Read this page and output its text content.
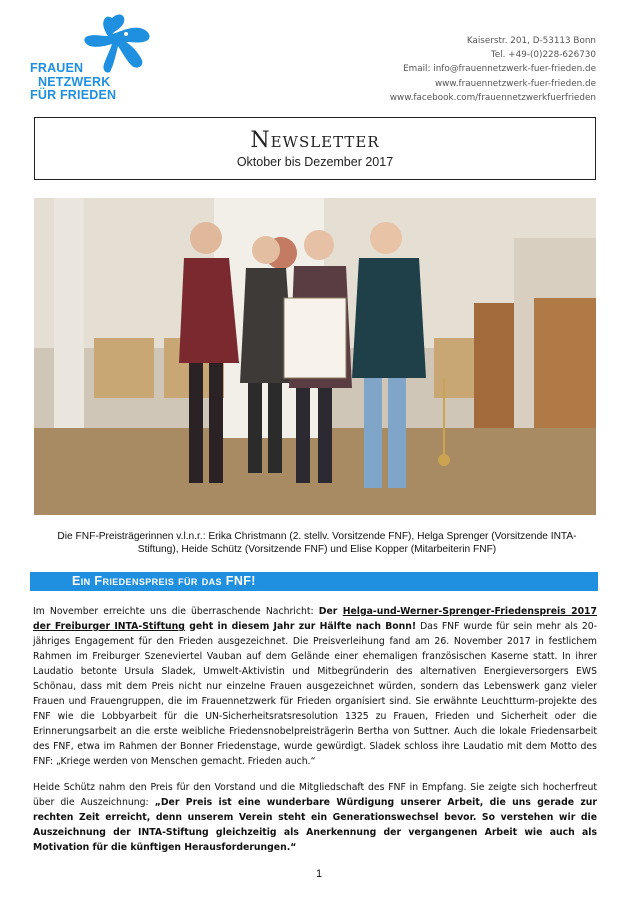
FRAUEN
NETZWERK
FÜR FRIEDEN
Kaiserstr. 201, D-53113 Bonn
Tel. +49-(0)228-626730
Email: info@frauennetzwerk-fuer-frieden.de
www.frauennetzwerk-fuer-frieden.de
www.facebook.com/frauennetzwerkfuerfrieden
Newsletter
Oktober bis Dezember 2017
Die FNF-Preisträgerinnen v.l.n.r.: Erika Christmann (2. stellv. Vorsitzende FNF), Helga Sprenger (Vorsitzende INTA-Stiftung), Heide Schütz (Vorsitzende FNF) und Elise Kopper (Mitarbeiterin FNF)
Ein Friedenspreis für das FNF!
Im November erreichte uns die überraschende Nachricht: Der Helga-und-Werner-Sprenger-Friedenspreis 2017 der Freiburger INTA-Stiftung geht in diesem Jahr zur Hälfte nach Bonn! Das FNF wurde für sein mehr als 20-jähriges Engagement für den Frieden ausgezeichnet. Die Preisverleihung fand am 26. November 2017 in festlichem Rahmen im Freiburger Szeneviertel Vauban auf dem Gelände einer ehemaligen französischen Kaserne statt. In ihrer Laudatio betonte Ursula Sladek, Umwelt-Aktivistin und Mitbegründerin des alternativen Energieversorgers EWS Schönau, dass mit dem Preis nicht nur einzelne Frauen ausgezeichnet würden, sondern das Lebenswerk ganz vieler Frauen und Frauengruppen, die im Frauennetzwerk für Frieden organisiert sind. Sie erwähnte Leuchtturm-projekte des FNF wie die Lobbyarbeit für die UN-Sicherheitsratsresolution 1325 zu Frauen, Frieden und Sicherheit oder die Erinnerungsarbeit an die erste weibliche Friedensnobelpreisträgerin Bertha von Suttner. Auch die lokale Friedensarbeit des FNF, etwa im Rahmen der Bonner Friedenstage, wurde gewürdigt. Sladek schloss ihre Laudatio mit dem Motto des FNF: „Kriege werden von Menschen gemacht. Frieden auch.“
Heide Schütz nahm den Preis für den Vorstand und die Mitgliedschaft des FNF in Empfang. Sie zeigte sich hocherfreut über die Auszeichnung: „Der Preis ist eine wunderbare Würdigung unserer Arbeit, die uns gerade zur rechten Zeit erreicht, denn unserem Verein steht ein Generationswechsel bevor. So verstehen wir die Auszeichnung der INTA-Stiftung gleichzeitig als Anerkennung der vergangenen Arbeit wie auch als Motivation für die künftigen Herausforderungen.“
1
